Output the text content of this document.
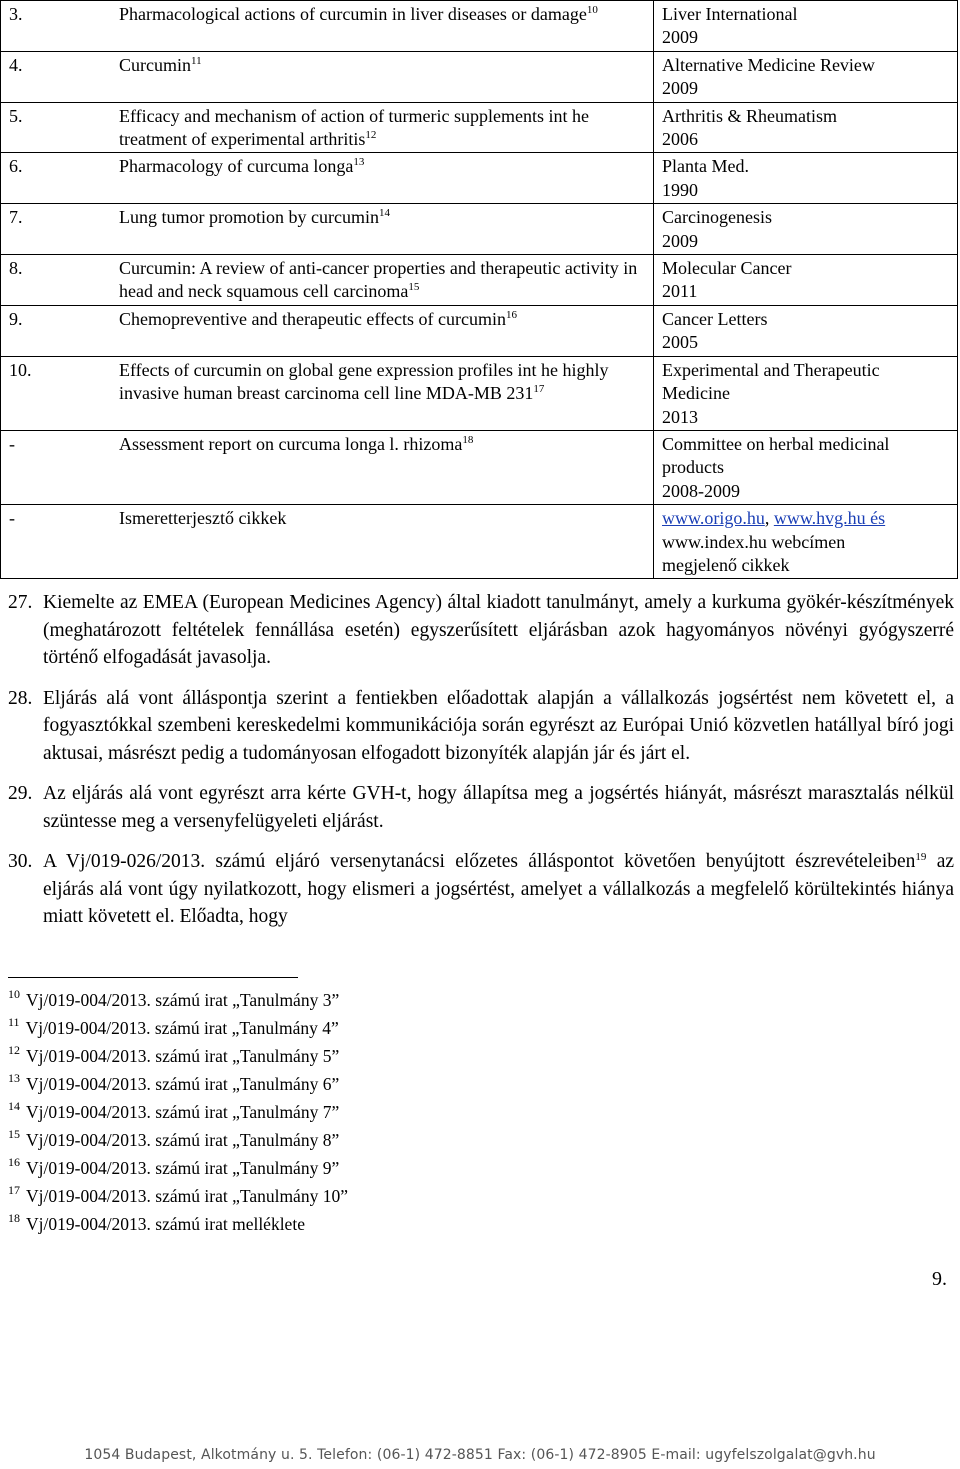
3. Pharmacological actions of curcumin in liver diseases or damage$^{10}$	Liver International
2009

4. Curcumin$^{11}$	Alternative Medicine Review
2009

5. Efficacy and mechanism of action of turmeric supplements int he treatment of experimental arthritis$^{12}$	Arthritis & Rheumatism
2006

6. Pharmacology of curcuma longa$^{13}$	Planta Med.
1990

7. Lung tumor promotion by curcumin$^{14}$	Carcinogenesis
2009

8. Curcumin: A review of anti-cancer properties and therapeutic activity in head and neck squamous cell carcinoma$^{15}$	Molecular Cancer
2011

9. Chemopreventive and therapeutic effects of curcumin$^{16}$	Cancer Letters
2005

10. Effects of curcumin on global gene expression profiles int he highly invasive human breast carcinoma cell line MDA-MB $231^{17}$	Experimental and Therapeutic Medicine
2013

- Assessment report on curcuma longa l. rhizoma$^{18}$	Committee on herbal medicinal products
2008-2009

- Ismeretterjesztő cikkek	www.origo.hu, www.hvg.hu és
www.index.hu webcímen
megjelenő cikkek
27. Kiemelte az EMEA (European Medicines Agency) által kiadott tanulmányt, amely a kurkuma gyökér-készítmények (meghatározott feltételek fennállása esetén) egyszerűsített eljárásban azok hagyományos növényi gyógyszerré történő elfogadását javasolja.
28. Eljárás alá vont álláspontja szerint a fentiekben előadottak alapján a vállalkozás jogsértést nem követett el, a fogyasztókkal szembeni kereskedelmi kommunikációja során egyrészt az Európai Unió közvetlen hatállyal bíró jogi aktusai, másrészt pedig a tudományosan elfogadott bizonyíték alapján jár és járt el.
29. Az eljárás alá vont egyrészt arra kérte GVH-t, hogy állapítsa meg a jogsértés hiányát, másrészt marasztalás nélkül szüntesse meg a versenyfelügyeleti eljárást.
30. A Vj/019-026/2013. számú eljáró versenytanácsi előzetes álláspontot követően benyújtott észrevételeiben$^{19}$ az eljárás alá vont úgy nyilatkozott, hogy elismeri a jogsértést, amelyet a vállalkozás a megfelelő körültekintés hiánya miatt követett el. Előadta, hogy
$^{10}$ Vj/019-004/2013. számú irat „Tanulmány 3”
$^{11}$ Vj/019-004/2013. számú irat „Tanulmány 4”
$^{12}$ Vj/019-004/2013. számú irat „Tanulmány 5”
$^{13}$ Vj/019-004/2013. számú irat „Tanulmány 6”
$^{14}$ Vj/019-004/2013. számú irat „Tanulmány 7”
$^{15}$ Vj/019-004/2013. számú irat „Tanulmány 8”
$^{16}$ Vj/019-004/2013. számú irat „Tanulmány 9”
$^{17}$ Vj/019-004/2013. számú irat „Tanulmány 10”
$^{18}$ Vj/019-004/2013. számú irat melléklete
9.
1054 Budapest, Alkotmány u. 5. Telefon: (06-1) 472-8851 Fax: (06-1) 472-8905 E-mail: ugyfelszolgalat@gvh.hu
